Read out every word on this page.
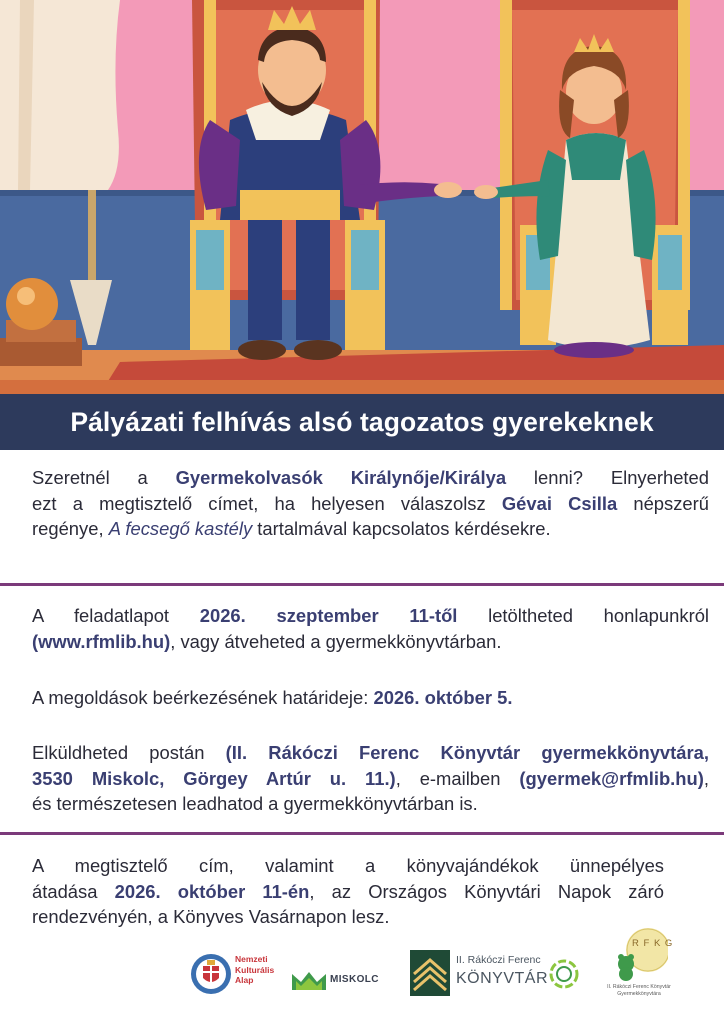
Pályázati felhívás alsó tagozatos gyerekeknek
Szeretnél a Gyermekolvasók Királynője/Királya lenni? Elnyerheted
ezt a megtisztelő címet, ha helyesen válaszolsz Gévai Csilla népszerű
regénye, A fecsegő kastély tartalmával kapcsolatos kérdésekre.
A feladatlapot 2026. szeptember 11-től letöltheted honlapunkról
(www.rfmlib.hu), vagy átveheted a gyermekkönyvtárban.
A megoldások beérkezésének határideje: 2026. október 5.
Elküldheted postán (II. Rákóczi Ferenc Könyvtár gyermekkönyvtára,
3530 Miskolc, Görgey Artúr u. 11.), e-mailben (gyermek@rfmlib.hu),
és természetesen leadhatod a gyermekkönyvtárban is.
A megtisztelő cím, valamint a könyvajándékok ünnepélyes
átadása 2026. október 11-én, az Országos Könyvtári Napok záró
rendezvényén, a Könyves Vasárnapon lesz.
Nemzeti
Kulturális
Alap	MISKOLC
II. Rákóczi Ferenc
KÖNYVTÁR
R F K G
II. Rákóczi Ferenc Könyvtár
Gyermekkönyvtára
